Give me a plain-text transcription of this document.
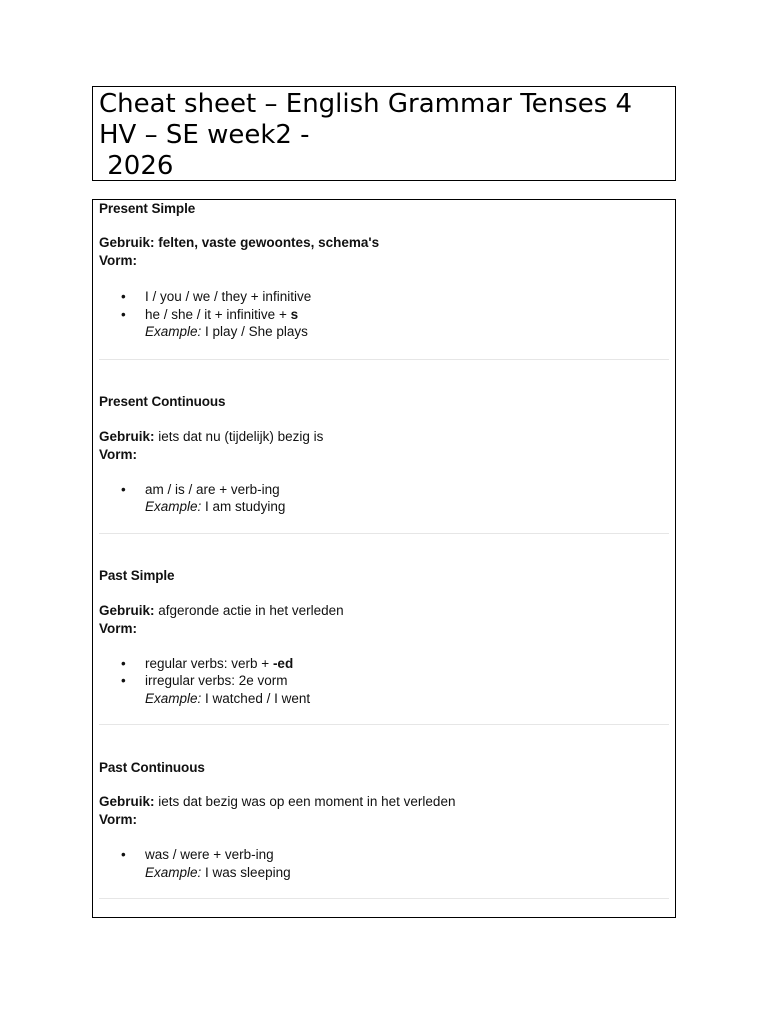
Cheat sheet – English Grammar Tenses 4
HV – SE week2 -
2026
Present Simple
Gebruik: felten, vaste gewoontes, schema's
Vorm:
• I / you / we / they + infinitive
• he / she / it + infinitive + s
Example: I play / She plays
Present Continuous
Gebruik: iets dat nu (tijdelijk) bezig is
Vorm:
• am / is / are + verb-ing
Example: I am studying
Past Simple
Gebruik: afgeronde actie in het verleden
Vorm:
• regular verbs: verb + -ed
• irregular verbs: 2e vorm
Example: I watched / I went
Past Continuous
Gebruik: iets dat bezig was op een moment in het verleden
Vorm:
• was / were + verb-ing
Example: I was sleeping
